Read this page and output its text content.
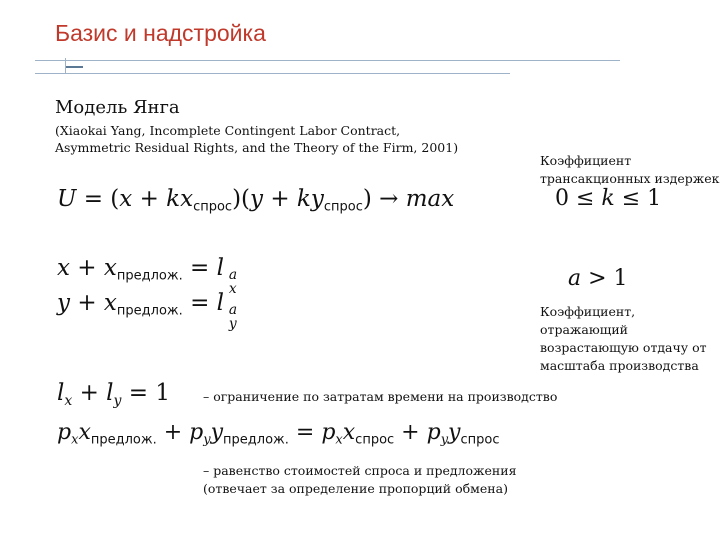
Базис и надстройка
Модель Янга
(Xiaokai Yang, Incomplete Contingent Labor Contract,
Asymmetric Residual Rights, and the Theory of the Firm, 2001)
Коэффициент
трансакционных издержек
0 ≤ k ≤ 1
a > 1
Коэффициент, отражающий
возрастающую отдачу от
масштаба производства
$U = (x + kx_{спрос})(y + ky_{спрос}) \to \max$
$x + x_{предлож.} = l$ a
x
$y + x_{предлож.} = l$ a
y
$l_x + l_y = 1$	– ограничение по затратам времени на производство
$p_xx_{предлож.} + p_yy_{предлож.} = p_xx_{спрос} + p_yy_{спрос}$
– равенство стоимостей спроса и предложения
(отвечает за определение пропорций обмена)
